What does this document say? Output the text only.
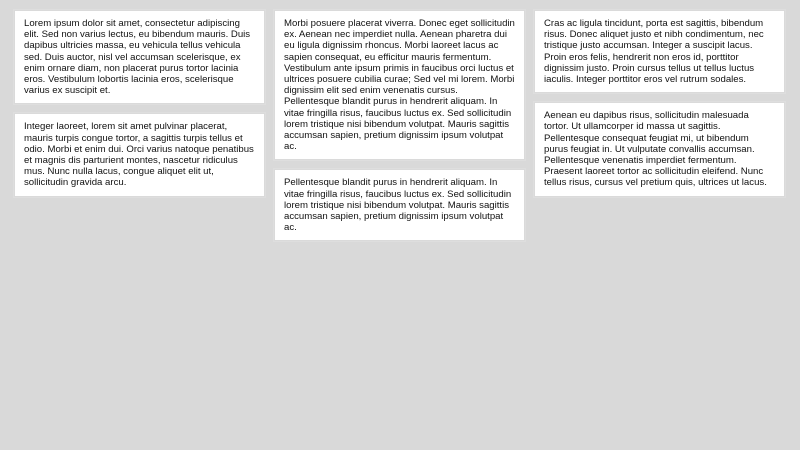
Lorem ipsum dolor sit amet, consectetur adipiscing elit. Sed non varius lectus, eu bibendum mauris. Duis dapibus ultricies massa, eu vehicula tellus vehicula sed. Duis auctor, nisl vel accumsan scelerisque, ex enim ornare diam, non placerat purus tortor lacinia eros. Vestibulum lobortis lacinia eros, scelerisque varius ex suscipit et.

Integer laoreet, lorem sit amet pulvinar placerat, mauris turpis congue tortor, a sagittis turpis tellus et odio. Morbi et enim dui. Orci varius natoque penatibus et magnis dis parturient montes, nascetur ridiculus mus. Nunc nulla lacus, congue aliquet elit ut, sollicitudin gravida arcu.

Morbi posuere placerat viverra. Donec eget sollicitudin ex. Aenean nec imperdiet nulla. Aenean pharetra dui eu ligula dignissim rhoncus. Morbi laoreet lacus ac sapien consequat, eu efficitur mauris fermentum. Vestibulum ante ipsum primis in faucibus orci luctus et ultrices posuere cubilia curae; Sed vel mi lorem. Morbi dignissim elit sed enim venenatis cursus. Pellentesque blandit purus in hendrerit aliquam. In vitae fringilla risus, faucibus luctus ex. Sed sollicitudin lorem tristique nisi bibendum volutpat. Mauris sagittis accumsan sapien, pretium dignissim ipsum volutpat ac.

Pellentesque blandit purus in hendrerit aliquam. In vitae fringilla risus, faucibus luctus ex. Sed sollicitudin lorem tristique nisi bibendum volutpat. Mauris sagittis accumsan sapien, pretium dignissim ipsum volutpat ac.

Cras ac ligula tincidunt, porta est sagittis, bibendum risus. Donec aliquet justo et nibh condimentum, nec tristique justo accumsan. Integer a suscipit lacus. Proin eros felis, hendrerit non eros id, porttitor dignissim justo. Proin cursus tellus ut tellus luctus iaculis. Integer porttitor eros vel rutrum sodales.

Aenean eu dapibus risus, sollicitudin malesuada tortor. Ut ullamcorper id massa ut sagittis. Pellentesque consequat feugiat mi, ut bibendum purus feugiat in. Ut vulputate convallis accumsan. Pellentesque venenatis imperdiet fermentum. Praesent laoreet tortor ac sollicitudin eleifend. Nunc tellus risus, cursus vel pretium quis, ultrices ut lacus.
